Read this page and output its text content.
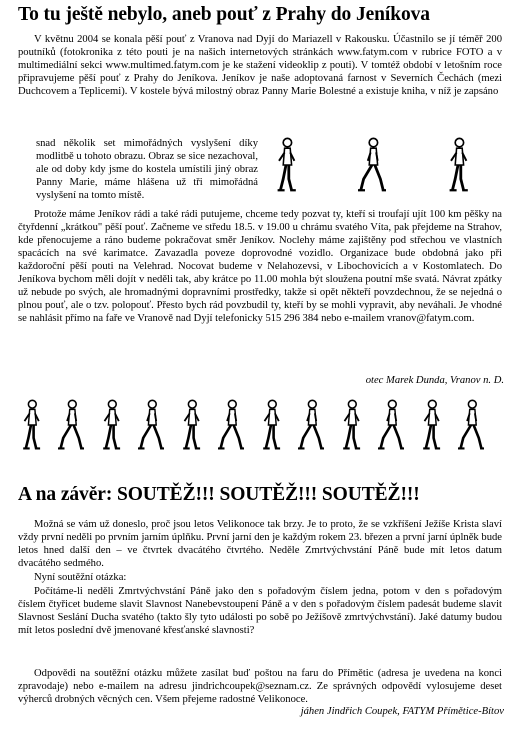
To tu ještě nebylo, aneb pouť z Prahy do Jeníkova

V květnu 2004 se konala pěší pouť z Vranova nad Dyjí do Mariazell v Rakousku. Účastnilo se jí téměř 200 poutníků (fotokronika z této pouti je na našich internetových stránkách www.fatym.com v rubrice FOTO a v multimediální sekci www.multimed.fatym.com je ke stažení videoklip z pouti). V tomtéž období v letošním roce připravujeme pěší pouť z Prahy do Jeníkova. Jeníkov je naše adoptovaná farnost v Severních Čechách (mezi Duchcovem a Teplicemi). V kostele bývá milostný obraz Panny Marie Bolestné a existuje kniha, v níž je zapsáno

snad několik set mimořádných vyslyšení díky modlitbě u tohoto obrazu. Obraz se sice nezachoval, ale od doby kdy jsme do kostela umístili jiný obraz Panny Marie, máme hlášena už tři mimořádná vyslyšení na tomto místě.

Protože máme Jeníkov rádi a také rádi putujeme, chceme tedy pozvat ty, kteří si troufají ujít 100 km pěšky na čtyřdenní „krátkou" pěší pouť. Začneme ve středu 18.5. v 19.00 u chrámu svatého Víta, pak přejdeme na Strahov, kde přenocujeme a ráno budeme pokračovat směr Jeníkov. Noclehy máme zajištěny pod střechou ve vlastních spacácích na své karimatce. Zavazadla poveze doprovodné vozidlo. Organizace bude obdobná jako při každoroční pěší pouti na Velehrad. Nocovat budeme v Nelahozevsi, v Libochovicích a v Kostomlatech. Do Jeníkova bychom měli dojít v neděli tak, aby krátce po 11.00 mohla být sloužena poutní mše svatá. Návrat zpátky už nebude po svých, ale hromadnými dopravními prostředky, takže si opět někteří povzdechnou, že se nejedná o plnou pouť, ale o tzv. polopouť. Přesto bych rád povzbudil ty, kteří by se mohli vypravit, aby neváhali. Je vhodné se nahlásit přímo na faře ve Vranově nad Dyjí telefonicky 515 296 384 nebo e-mailem vranov@fatym.com.

otec Marek Dunda, Vranov n. D.
A na závěr: SOUTĚŽ!!! SOUTĚŽ!!! SOUTĚŽ!!!

Možná se vám už doneslo, proč jsou letos Velikonoce tak brzy. Je to proto, že se vzkříšení Ježíše Krista slaví vždy první neděli po prvním jarním úplňku. První jarní den je každým rokem 23. březen a první jarní úplněk bude letos hned další den – ve čtvrtek dvacátého čtvrtého. Neděle Zmrtvýchvstání Páně bude mít letos datum dvacátého sedmého.

Nyní soutěžní otázka:

Počítáme-li neděli Zmrtvýchvstání Páně jako den s pořadovým číslem jedna, potom v den s pořadovým číslem čtyřicet budeme slavit Slavnost Nanebevstoupení Páně a v den s pořadovým číslem padesát budeme slavit Slavnost Seslání Ducha svatého (takto šly tyto události po sobě po Ježíšově zmrtvýchvstání). Jaké datumy budou mít letos poslední dvě jmenované křesťanské slavnosti?

Odpovědi na soutěžní otázku můžete zasílat buď poštou na faru do Přímětic (adresa je uvedena na konci zpravodaje) nebo e-mailem na adresu jindrichcoupek@seznam.cz. Ze správných odpovědí vylosujeme deset výherců drobných věcných cen. Všem přejeme radostné Velikonoce.

jáhen Jindřich Coupek, FATYM Přímětice-Bítov
